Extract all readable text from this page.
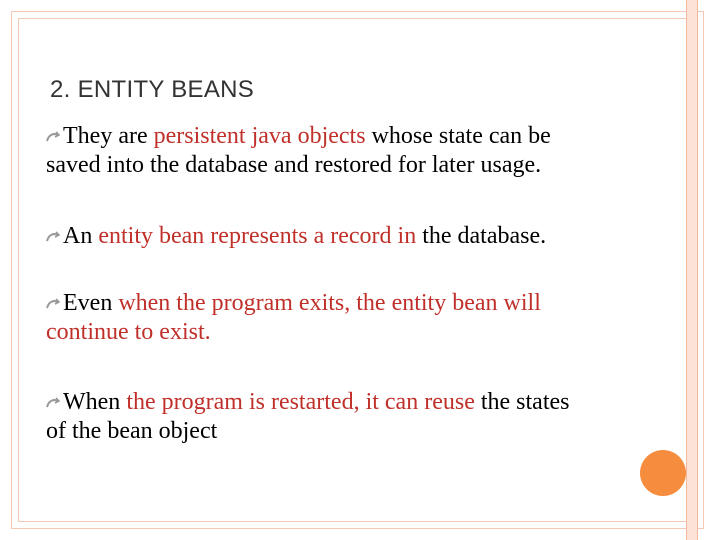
2. ENTITY BEANS
They are persistent java objects whose state can be
saved into the database and restored for later usage.
An entity bean represents a record in the database.
Even when the program exits, the entity bean will
continue to exist.
When the program is restarted, it can reuse the states
of the bean object
